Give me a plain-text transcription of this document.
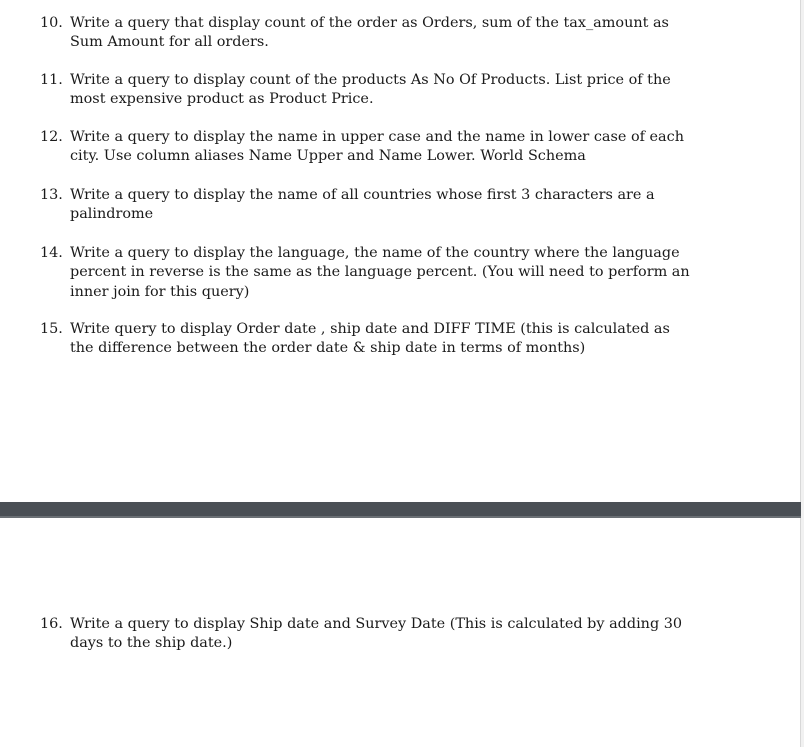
10. Write a query that display count of the order as Orders, sum of the tax_amount as
Sum Amount for all orders.
11. Write a query to display count of the products As No Of Products. List price of the
most expensive product as Product Price.
12. Write a query to display the name in upper case and the name in lower case of each
city. Use column aliases Name Upper and Name Lower. World Schema
13. Write a query to display the name of all countries whose first 3 characters are a
palindrome
14. Write a query to display the language, the name of the country where the language
percent in reverse is the same as the language percent. (You will need to perform an
inner join for this query)
15. Write query to display Order date , ship date and DIFF TIME (this is calculated as
the difference between the order date & ship date in terms of months)
16. Write a query to display Ship date and Survey Date (This is calculated by adding 30
days to the ship date.)
